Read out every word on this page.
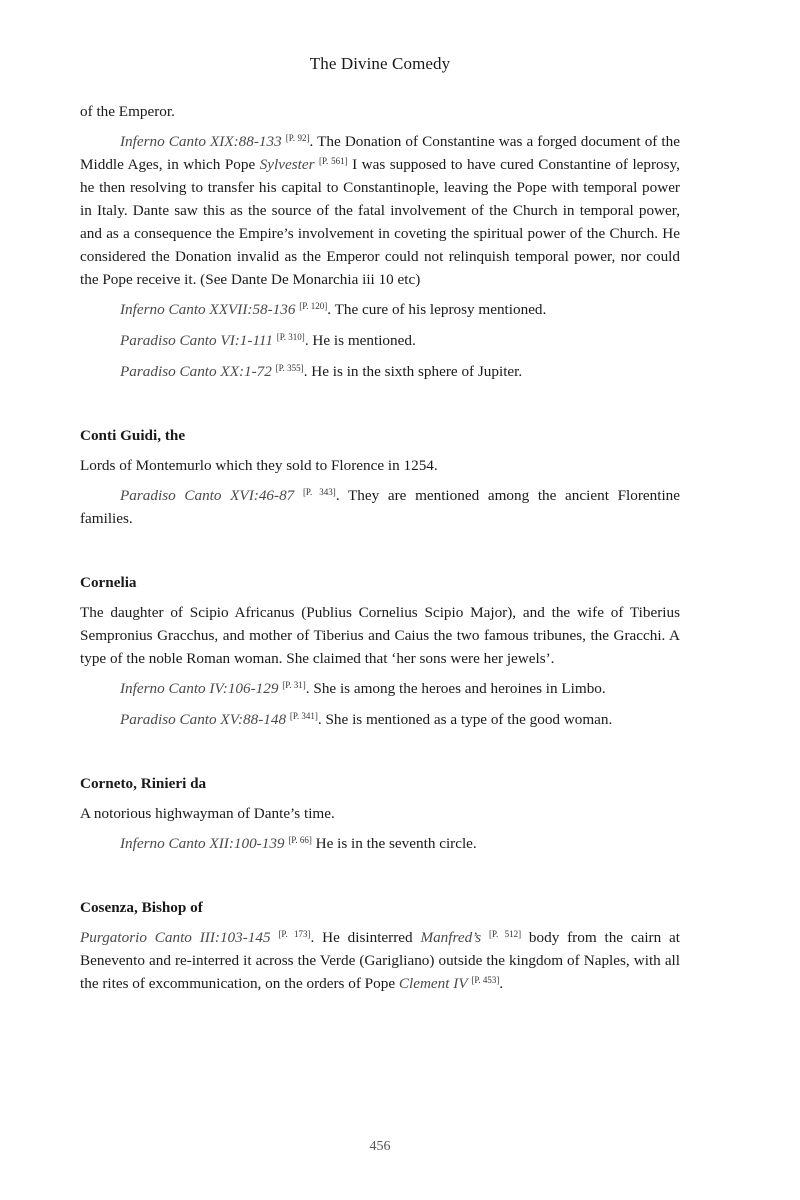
The Divine Comedy

of the Emperor.

Inferno Canto XIX:88-133 [P. 92]. The Donation of Constantine was a forged document of the Middle Ages, in which Pope Sylvester [P. 561] I was supposed to have cured Constantine of leprosy, he then resolving to transfer his capital to Constantinople, leaving the Pope with temporal power in Italy. Dante saw this as the source of the fatal involvement of the Church in temporal power, and as a consequence the Empire’s involvement in coveting the spiritual power of the Church. He considered the Donation invalid as the Emperor could not relinquish temporal power, nor could the Pope receive it. (See Dante De Monarchia iii 10 etc)

Inferno Canto XXVII:58-136 [P. 120]. The cure of his leprosy mentioned.

Paradiso Canto VI:1-111 [P. 310]. He is mentioned.

Paradiso Canto XX:1-72 [P. 355]. He is in the sixth sphere of Jupiter.

Conti Guidi, the

Lords of Montemurlo which they sold to Florence in 1254.

Paradiso Canto XVI:46-87 [P. 343]. They are mentioned among the ancient Florentine families.

Cornelia

The daughter of Scipio Africanus (Publius Cornelius Scipio Major), and the wife of Tiberius Sempronius Gracchus, and mother of Tiberius and Caius the two famous tribunes, the Gracchi. A type of the noble Roman woman. She claimed that ‘her sons were her jewels’.

Inferno Canto IV:106-129 [P. 31]. She is among the heroes and heroines in Limbo.

Paradiso Canto XV:88-148 [P. 341]. She is mentioned as a type of the good woman.

Corneto, Rinieri da

A notorious highwayman of Dante’s time.

Inferno Canto XII:100-139 [P. 66] He is in the seventh circle.

Cosenza, Bishop of

Purgatorio Canto III:103-145 [P. 173]. He disinterred Manfred’s [P. 512] body from the cairn at Benevento and re-interred it across the Verde (Garigliano) outside the kingdom of Naples, with all the rites of excommunication, on the orders of Pope Clement IV [P. 453].

456
